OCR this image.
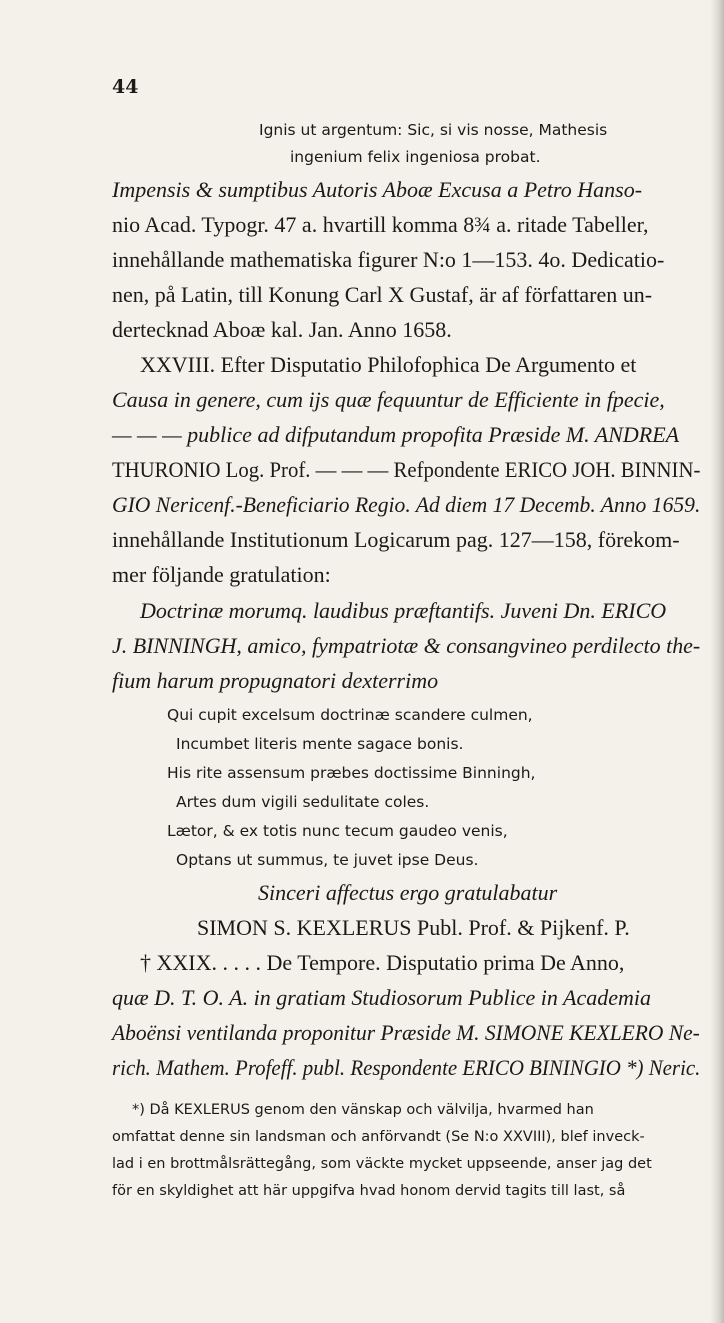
44
Ignis ut argentum: Sic, si vis nosse, Mathesis
ingenium felix ingeniosa probat.
Impensis & sumptibus Autoris Aboæ Excusa a Petro Hanso-
nio Acad. Typogr. 47 a. hvartill komma 8¾ a. ritade Tabeller,
innehållande mathematiska figurer N:o 1—153. 4o. Dedicatio-
nen, på Latin, till Konung Carl X Gustaf, är af författaren un-
dertecknad Aboæ kal. Jan. Anno 1658.
XXVIII. Efter Disputatio Philofophica De Argumento et
Causa in genere, cum ijs quæ fequuntur de Efficiente in fpecie,
— — — publice ad difputandum propofita Præside M. ANDREA
THURONIO Log. Prof. — — — Refpondente ERICO JOH. BINNIN-
GIO Nericenf.-Beneficiario Regio. Ad diem 17 Decemb. Anno 1659.
innehållande Institutionum Logicarum pag. 127—158, förekom-
mer följande gratulation:
Doctrinæ morumq. laudibus præftantifs. Juveni Dn. ERICO
J. BINNINGH, amico, fympatriotæ & consangvineo perdilecto the-
fium harum propugnatori dexterrimo
Qui cupit excelsum doctrinæ scandere culmen,
Incumbet literis mente sagace bonis.
His rite assensum præbes doctissime Binningh,
Artes dum vigili sedulitate coles.
Lætor, & ex totis nunc tecum gaudeo venis,
Optans ut summus, te juvet ipse Deus.
Sinceri affectus ergo gratulabatur
SIMON S. KEXLERUS Publ. Prof. & Pijkenf. P.
† XXIX. . . . . De Tempore. Disputatio prima De Anno,
quæ D. T. O. A. in gratiam Studiosorum Publice in Academia
Aboënsi ventilanda proponitur Præside M. SIMONE KEXLERO Ne-
rich. Mathem. Profeff. publ. Respondente ERICO BININGIO *) Neric.
*) Då KEXLERUS genom den vänskap och välvilja, hvarmed han
omfattat denne sin landsman och anförvandt (Se N:o XXVIII), blef inveck-
lad i en brottmålsrättegång, som väckte mycket uppseende, anser jag det
för en skyldighet att här uppgifva hvad honom dervid tagits till last, så
